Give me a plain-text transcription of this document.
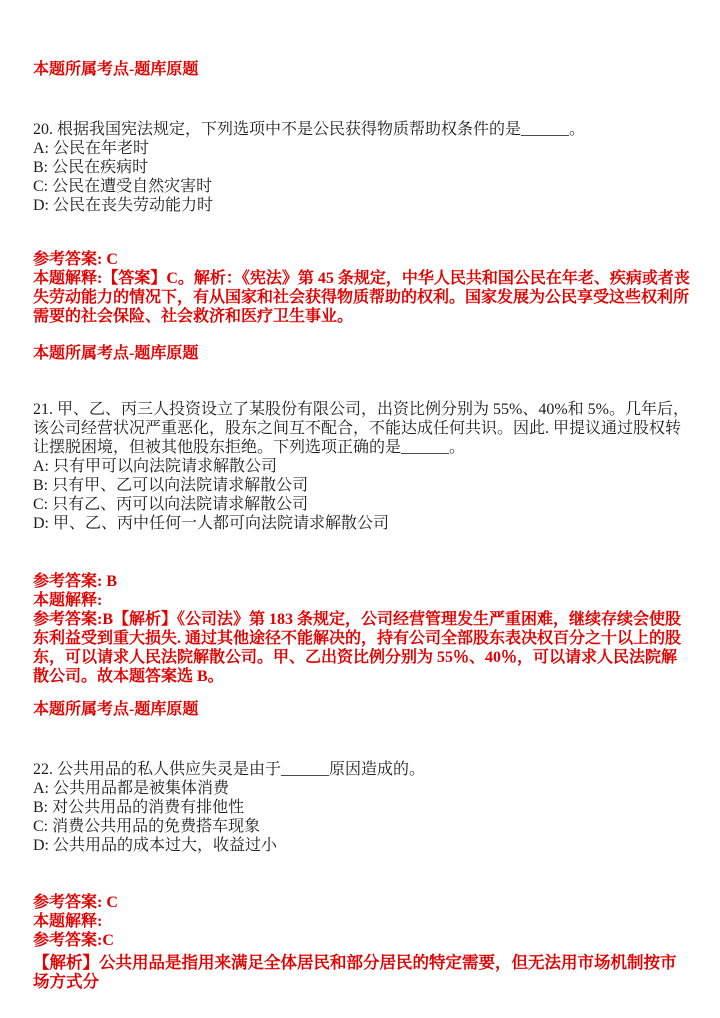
本题所属考点-题库原题

20. 根据我国宪法规定，下列选项中不是公民获得物质帮助权条件的是______。

A: 公民在年老时

B: 公民在疾病时

C: 公民在遭受自然灾害时

D: 公民在丧失劳动能力时

参考答案: C

本题解释:【答案】C。解析：《宪法》第 45 条规定，中华人民共和国公民在年老、疾病或者丧失劳动能力的情况下，有从国家和社会获得物质帮助的权利。国家发展为公民享受这些权利所需要的社会保险、社会救济和医疗卫生事业。

本题所属考点-题库原题

21. 甲、乙、丙三人投资设立了某股份有限公司，出资比例分别为 55%、40%和 5%。几年后，该公司经营状况严重恶化，股东之间互不配合，不能达成任何共识。因此. 甲提议通过股权转让摆脱困境，但被其他股东拒绝。下列选项正确的是______。

A: 只有甲可以向法院请求解散公司

B: 只有甲、乙可以向法院请求解散公司

C: 只有乙、丙可以向法院请求解散公司

D: 甲、乙、丙中任何一人都可向法院请求解散公司

参考答案: B

本题解释:

参考答案:B【解析】《公司法》第 183 条规定，公司经营管理发生严重困难，继续存续会使股东利益受到重大损失. 通过其他途径不能解决的，持有公司全部股东表决权百分之十以上的股东，可以请求人民法院解散公司。甲、乙出资比例分别为 55％、40％，可以请求人民法院解散公司。故本题答案选 B。

本题所属考点-题库原题

22. 公共用品的私人供应失灵是由于______原因造成的。

A: 公共用品都是被集体消费

B: 对公共用品的消费有排他性

C: 消费公共用品的免费搭车现象

D: 公共用品的成本过大，收益过小

参考答案: C

本题解释:

参考答案:C

【解析】公共用品是指用来满足全体居民和部分居民的特定需要，但无法用市场机制按市场方式分
